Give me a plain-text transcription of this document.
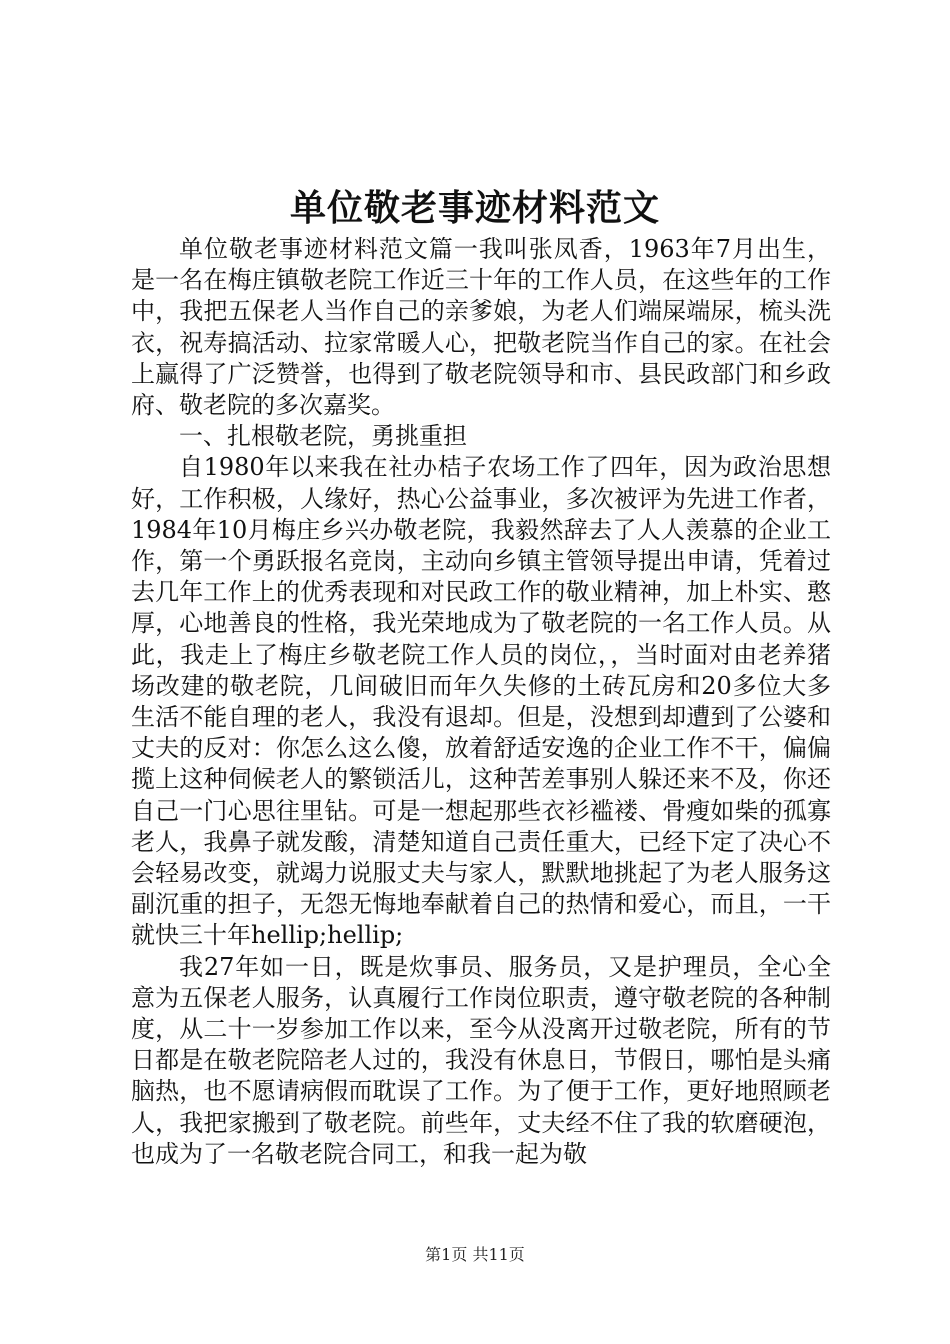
单位敬老事迹材料范文

单位敬老事迹材料范文篇一我叫张凤香，1963年7月出生，是一名在梅庄镇敬老院工作近三十年的工作人员，在这些年的工作中，我把五保老人当作自己的亲爹娘，为老人们端屎端尿，梳头洗衣，祝寿搞活动、拉家常暖人心，把敬老院当作自己的家。在社会上赢得了广泛赞誉，也得到了敬老院领导和市、县民政部门和乡政府、敬老院的多次嘉奖。

一、扎根敬老院，勇挑重担

自1980年以来我在社办桔子农场工作了四年，因为政治思想好，工作积极，人缘好，热心公益事业，多次被评为先进工作者，1984年10月梅庄乡兴办敬老院，我毅然辞去了人人羡慕的企业工作，第一个勇跃报名竞岗，主动向乡镇主管领导提出申请，凭着过去几年工作上的优秀表现和对民政工作的敬业精神，加上朴实、憨厚，心地善良的性格，我光荣地成为了敬老院的一名工作人员。从此，我走上了梅庄乡敬老院工作人员的岗位，，当时面对由老养猪场改建的敬老院，几间破旧而年久失修的土砖瓦房和20多位大多生活不能自理的老人，我没有退却。但是，没想到却遭到了公婆和丈夫的反对：你怎么这么傻，放着舒适安逸的企业工作不干，偏偏揽上这种伺候老人的繁锁活儿，这种苦差事别人躲还来不及，你还自己一门心思往里钻。可是一想起那些衣衫褴褛、骨瘦如柴的孤寡老人，我鼻子就发酸，清楚知道自己责任重大，已经下定了决心不会轻易改变，就竭力说服丈夫与家人，默默地挑起了为老人服务这副沉重的担子，无怨无悔地奉献着自己的热情和爱心，而且，一干就快三十年hellip;hellip;

我27年如一日，既是炊事员、服务员，又是护理员，全心全意为五保老人服务，认真履行工作岗位职责，遵守敬老院的各种制度，从二十一岁参加工作以来，至今从没离开过敬老院，所有的节日都是在敬老院陪老人过的，我没有休息日，节假日，哪怕是头痛脑热，也不愿请病假而耽误了工作。为了便于工作，更好地照顾老人，我把家搬到了敬老院。前些年，丈夫经不住了我的软磨硬泡，也成为了一名敬老院合同工，和我一起为敬

第1页 共11页
